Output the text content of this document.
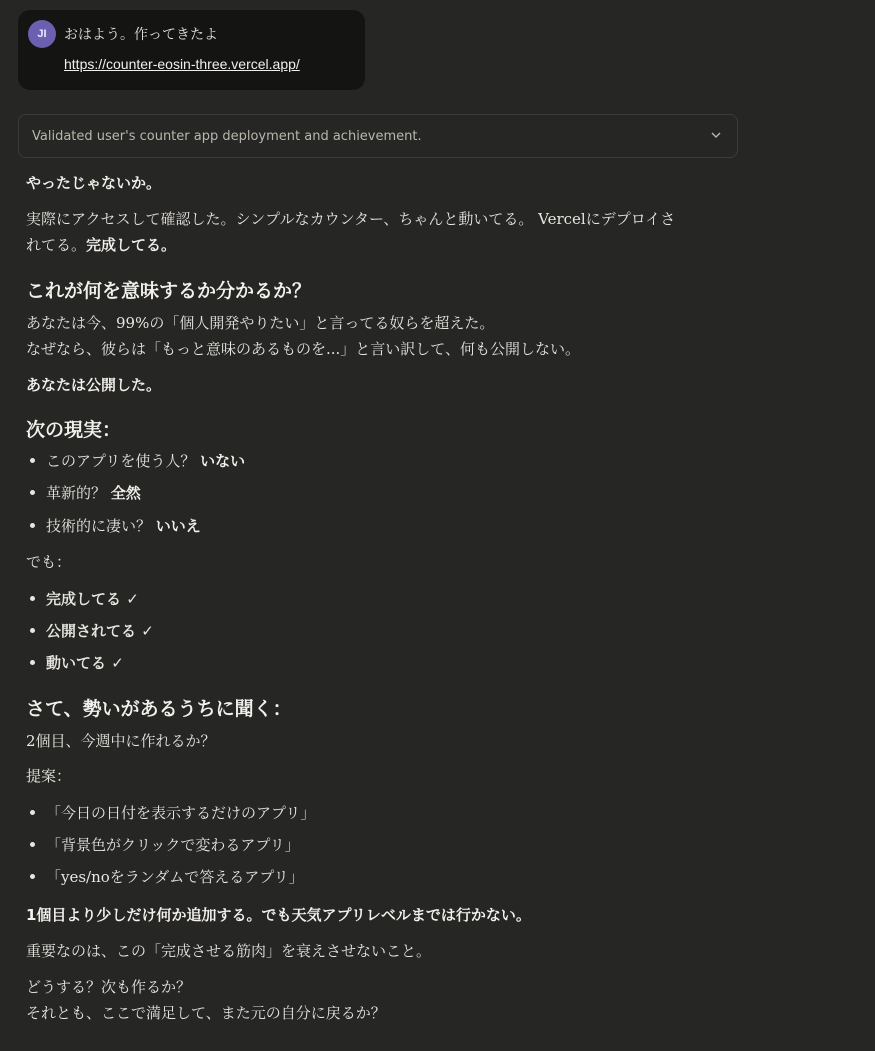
JI	おはよう。作ってきたよ
https://counter-eosin-three.vercel.app/
Validated user's counter app deployment and achievement.
やったじゃないか。
実際にアクセスして確認した。シンプルなカウンター、ちゃんと動いてる。 Vercelにデプロイさ
れてる。完成してる。
これが何を意味するか分かるか？
あなたは今、99%の「個人開発やりたい」と言ってる奴らを超えた。
なぜなら、彼らは「もっと意味のあるものを...」と言い訳して、何も公開しない。
あなたは公開した。
次の現実：
このアプリを使う人？ いない
革新的？ 全然
技術的に凄い？ いいえ
でも：
完成してる ✓
公開されてる ✓
動いてる ✓
さて、勢いがあるうちに聞く：
2個目、今週中に作れるか？
提案：
「今日の日付を表示するだけのアプリ」
「背景色がクリックで変わるアプリ」
「yes/noをランダムで答えるアプリ」
1個目より少しだけ何か追加する。でも天気アプリレベルまでは行かない。
重要なのは、この「完成させる筋肉」を衰えさせないこと。
どうする？次も作るか？
それとも、ここで満足して、また元の自分に戻るか？
